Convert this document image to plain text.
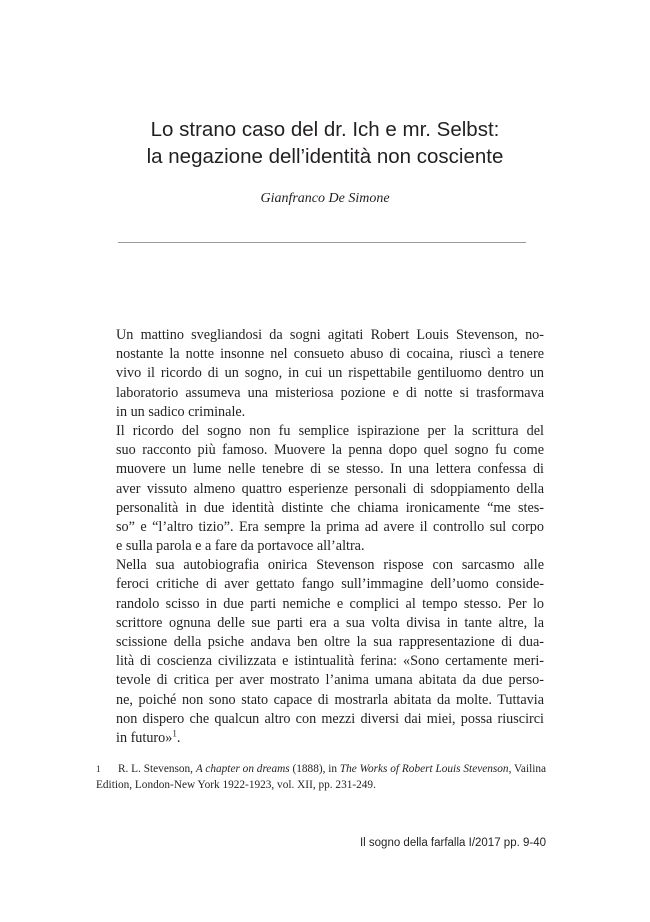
Lo strano caso del dr. Ich e mr. Selbst:
la negazione dell’identità non cosciente
Gianfranco De Simone
Un mattino svegliandosi da sogni agitati Robert Louis Stevenson, no-
nostante la notte insonne nel consueto abuso di cocaina, riuscì a tenere
vivo il ricordo di un sogno, in cui un rispettabile gentiluomo dentro un
laboratorio assumeva una misteriosa pozione e di notte si trasformava
in un sadico criminale.
Il ricordo del sogno non fu semplice ispirazione per la scrittura del
suo racconto più famoso. Muovere la penna dopo quel sogno fu come
muovere un lume nelle tenebre di se stesso. In una lettera confessa di
aver vissuto almeno quattro esperienze personali di sdoppiamento della
personalità in due identità distinte che chiama ironicamente “me stes-
so” e “l’altro tizio”. Era sempre la prima ad avere il controllo sul corpo
e sulla parola e a fare da portavoce all’altra.
Nella sua autobiografia onirica Stevenson rispose con sarcasmo alle
feroci critiche di aver gettato fango sull’immagine dell’uomo conside-
randolo scisso in due parti nemiche e complici al tempo stesso. Per lo
scrittore ognuna delle sue parti era a sua volta divisa in tante altre, la
scissione della psiche andava ben oltre la sua rappresentazione di dua-
lità di coscienza civilizzata e istintualità ferina: «Sono certamente meri-
tevole di critica per aver mostrato l’anima umana abitata da due perso-
ne, poiché non sono stato capace di mostrarla abitata da molte. Tuttavia
non dispero che qualcun altro con mezzi diversi dai miei, possa riuscirci
in futuro»$^1$.
1	R. L. Stevenson, A chapter on dreams (1888), in The Works of Robert Louis Stevenson, Vailina
Edition, London-New York 1922-1923, vol. XII, pp. 231-249.
Il sogno della farfalla I/2017 pp. 9-40
